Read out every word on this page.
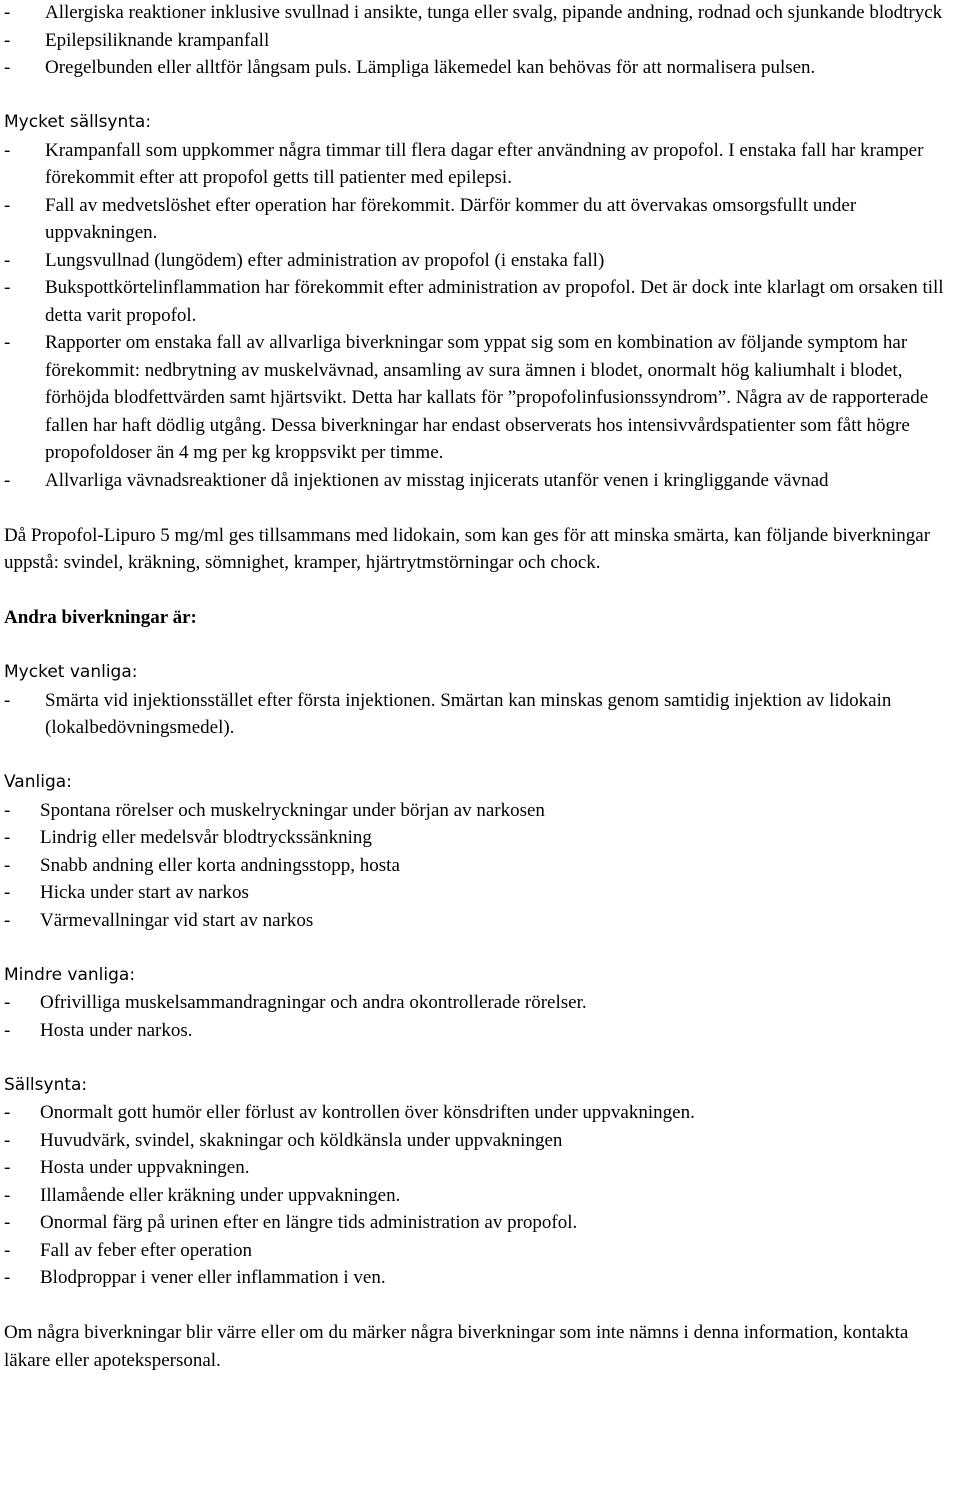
-	Allergiska reaktioner inklusive svullnad i ansikte, tunga eller svalg, pipande andning, rodnad och sjunkande blodtryck
-	Epilepsiliknande krampanfall
-	Oregelbunden eller alltför långsam puls. Lämpliga läkemedel kan behövas för att normalisera pulsen.

Mycket sällsynta:

-	Krampanfall som uppkommer några timmar till flera dagar efter användning av propofol. I enstaka fall har kramper förekommit efter att propofol getts till patienter med epilepsi.
-	Fall av medvetslöshet efter operation har förekommit. Därför kommer du att övervakas omsorgsfullt under uppvakningen.
-	Lungsvullnad (lungödem) efter administration av propofol (i enstaka fall)
-	Bukspottkörtelinflammation har förekommit efter administration av propofol. Det är dock inte klarlagt om orsaken till detta varit propofol.
-	Rapporter om enstaka fall av allvarliga biverkningar som yppat sig som en kombination av följande symptom har förekommit: nedbrytning av muskelvävnad, ansamling av sura ämnen i blodet, onormalt hög kaliumhalt i blodet, förhöjda blodfettvärden samt hjärtsvikt. Detta har kallats för ”propofolinfusionssyndrom”. Några av de rapporterade fallen har haft dödlig utgång. Dessa biverkningar har endast observerats hos intensivvårdspatienter som fått högre propofoldoser än 4 mg per kg kroppsvikt per timme.
-	Allvarliga vävnadsreaktioner då injektionen av misstag injicerats utanför venen i kringliggande vävnad

Då Propofol-Lipuro 5 mg/ml ges tillsammans med lidokain, som kan ges för att minska smärta, kan följande biverkningar uppstå: svindel, kräkning, sömnighet, kramper, hjärtrytmstörningar och chock.

Andra biverkningar är:

Mycket vanliga:

-	Smärta vid injektionsstället efter första injektionen. Smärtan kan minskas genom samtidig injektion av lidokain (lokalbedövningsmedel).

Vanliga:

-	Spontana rörelser och muskelryckningar under början av narkosen
-	Lindrig eller medelsvår blodtryckssänkning
-	Snabb andning eller korta andningsstopp, hosta
-	Hicka under start av narkos
-	Värmevallningar vid start av narkos

Mindre vanliga:

-	Ofrivilliga muskelsammandragningar och andra okontrollerade rörelser.
-	Hosta under narkos.

Sällsynta:

-	Onormalt gott humör eller förlust av kontrollen över könsdriften under uppvakningen.
-	Huvudvärk, svindel, skakningar och köldkänsla under uppvakningen
-	Hosta under uppvakningen.
-	Illamående eller kräkning under uppvakningen.
-	Onormal färg på urinen efter en längre tids administration av propofol.
-	Fall av feber efter operation
-	Blodproppar i vener eller inflammation i ven.

Om några biverkningar blir värre eller om du märker några biverkningar som inte nämns i denna information, kontakta läkare eller apotekspersonal.
